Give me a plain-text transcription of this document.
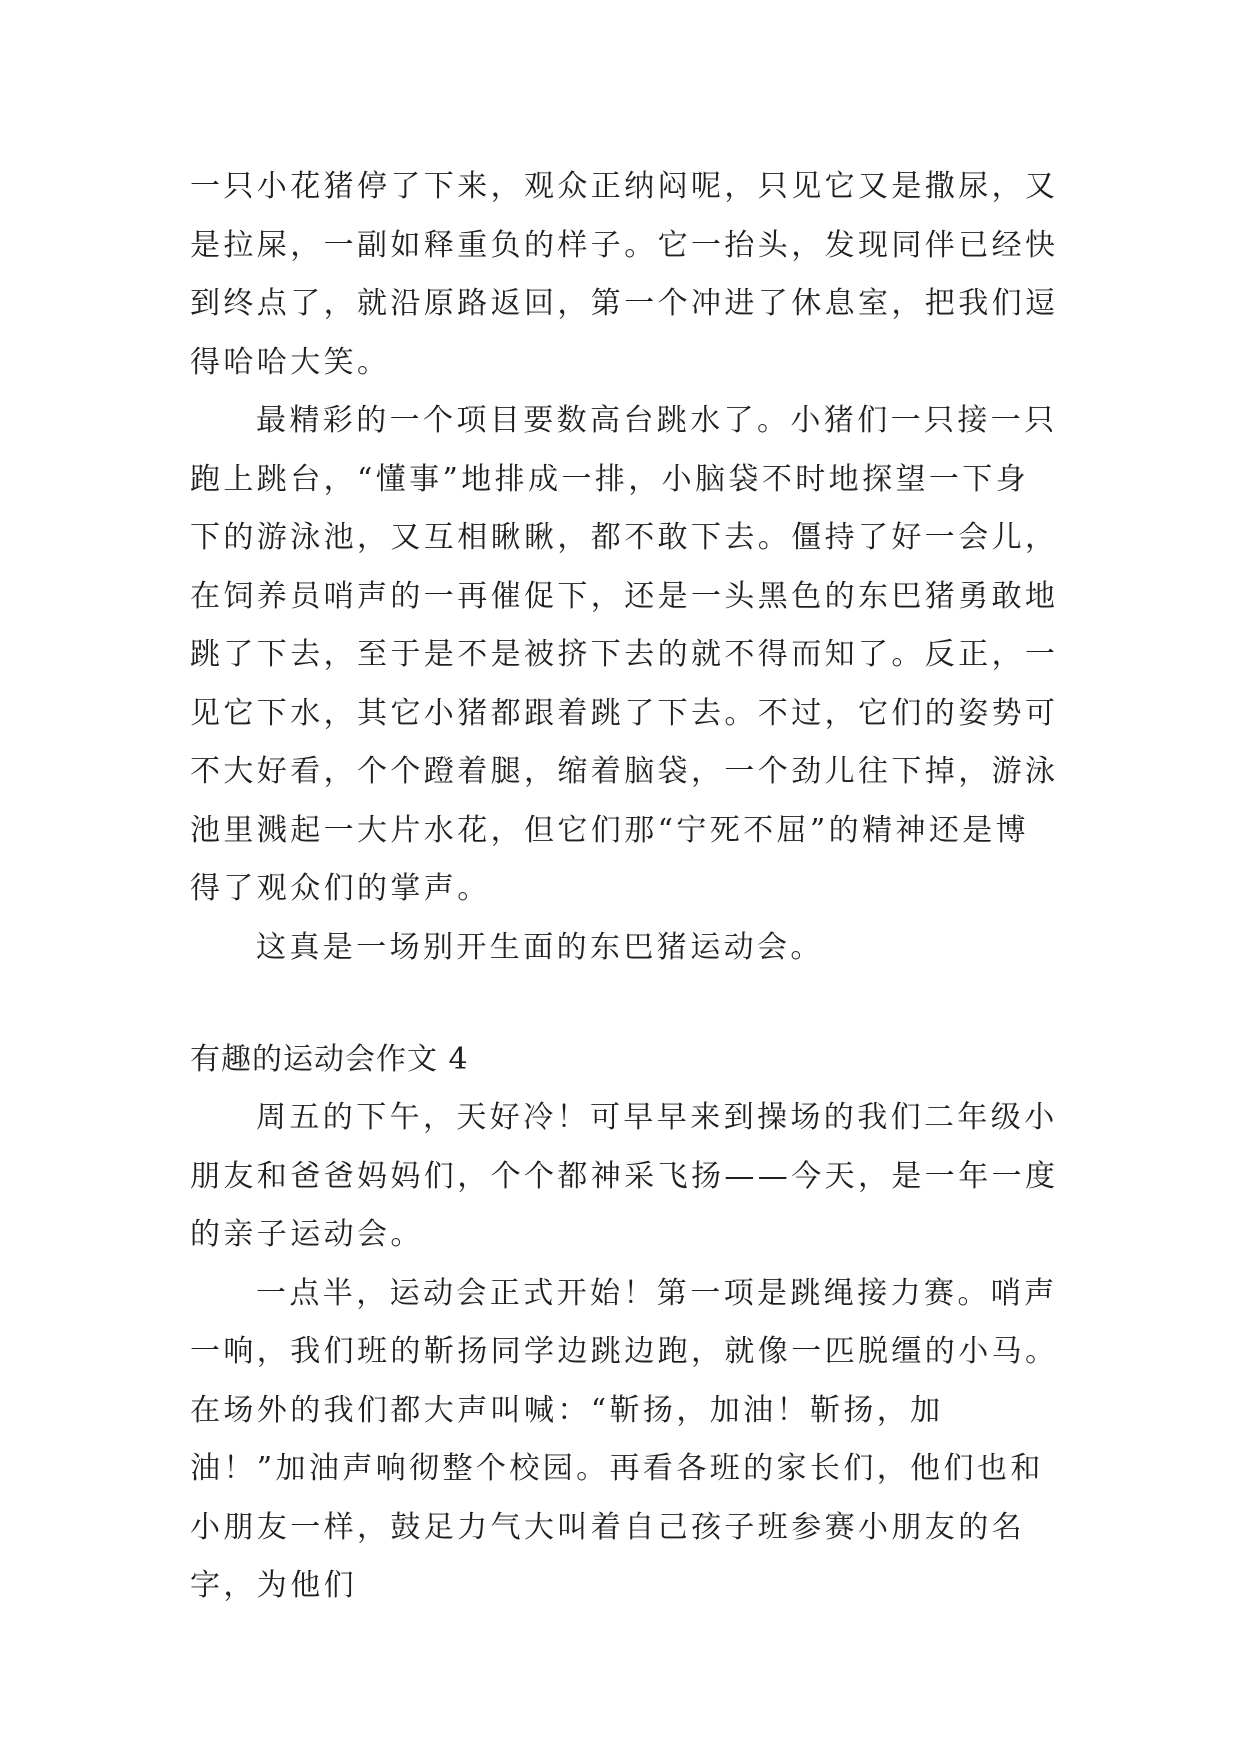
一只小花猪停了下来，观众正纳闷呢，只见它又是撒尿，又是拉屎，一副如释重负的样子。它一抬头，发现同伴已经快到终点了，就沿原路返回，第一个冲进了休息室，把我们逗得哈哈大笑。

最精彩的一个项目要数高台跳水了。小猪们一只接一只跑上跳台，“懂事”地排成一排，小脑袋不时地探望一下身下的游泳池，又互相瞅瞅，都不敢下去。僵持了好一会儿，在饲养员哨声的一再催促下，还是一头黑色的东巴猪勇敢地跳了下去，至于是不是被挤下去的就不得而知了。反正，一见它下水，其它小猪都跟着跳了下去。不过，它们的姿势可不大好看，个个蹬着腿，缩着脑袋，一个劲儿往下掉，游泳池里溅起一大片水花，但它们那“宁死不屈”的精神还是博得了观众们的掌声。

这真是一场别开生面的东巴猪运动会。

有趣的运动会作文 4

周五的下午，天好冷！可早早来到操场的我们二年级小朋友和爸爸妈妈们，个个都神采飞扬——今天，是一年一度的亲子运动会。

一点半，运动会正式开始！第一项是跳绳接力赛。哨声一响，我们班的靳扬同学边跳边跑，就像一匹脱缰的小马。在场外的我们都大声叫喊：“靳扬，加油！靳扬，加油！”加油声响彻整个校园。再看各班的家长们，他们也和小朋友一样，鼓足力气大叫着自己孩子班参赛小朋友的名字，为他们
